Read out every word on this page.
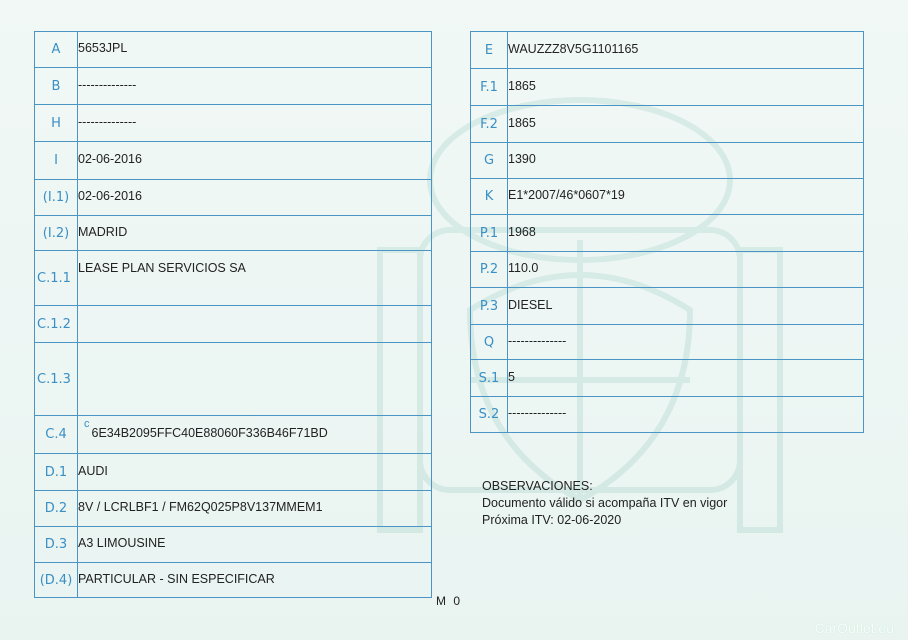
A	5653JPL
B	--------------
H	--------------
I	02-06-2016
(I.1)	02-06-2016
(I.2)	MADRID
C.1.1	LEASE PLAN SERVICIOS SA
C.1.2	
C.1.3	
C.4	c6E34B2095FFC40E88060F336B46F71BD
D.1	AUDI
D.2	8V / LCRLBF1 / FM62Q025P8V137MMEM1
D.3	A3 LIMOUSINE
(D.4)	PARTICULAR - SIN ESPECIFICAR
E	WAUZZZ8V5G1101165
F.1	1865
F.2	1865
G	1390
K	E1*2007/46*0607*19
P.1	1968
P.2	110.0
P.3	DIESEL
Q	--------------
S.1	5
S.2	--------------
OBSERVACIONES:
Documento válido si acompaña ITV en vigor
Próxima ITV: 02-06-2020
M 0
CarOutlet.eu
